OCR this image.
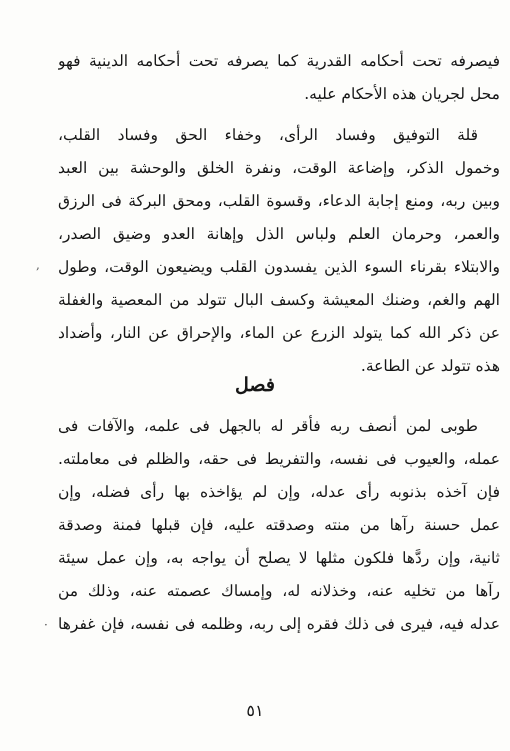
فيصرفه تحت أحكامه القدرية كما يصرفه تحت أحكامه الدينية فهو
محل لجريان هذه الأحكام عليه.
قلة التوفيق وفساد الرأى، وخفاء الحق وفساد القلب،
وخمول الذكر، وإضاعة الوقت، ونفرة الخلق والوحشة بين العبد
وبين ربه، ومنع إجابة الدعاء، وقسوة القلب، ومحق البركة فى الرزق
والعمر، وحرمان العلم ولباس الذل وإهانة العدو وضيق الصدر،
والابتلاء بقرناء السوء الذين يفسدون القلب ويضيعون الوقت، وطول
الهم والغم، وضنك المعيشة وكسف البال تتولد من المعصية والغفلة
عن ذكر الله كما يتولد الزرع عن الماء، والإحراق عن النار، وأضداد
هذه تتولد عن الطاعة.
فصل
طوبى لمن أنصف ربه فأقر له بالجهل فى علمه، والآفات فى
عمله، والعيوب فى نفسه، والتفريط فى حقه، والظلم فى معاملته.
فإن آخذه بذنوبه رأى عدله، وإن لم يؤاخذه بها رأى فضله، وإن
عمل حسنة رآها من منته وصدقته عليه، فإن قبلها فمنة وصدقة
ثانية، وإن ردَّها فلكون مثلها لا يصلح أن يواجه به، وإن عمل سيئة
رآها من تخليه عنه، وخذلانه له، وإمساك عصمته عنه، وذلك من
عدله فيه، فيرى فى ذلك فقره إلى ربه، وظلمه فى نفسه، فإن غفرها
,
·
٥١
